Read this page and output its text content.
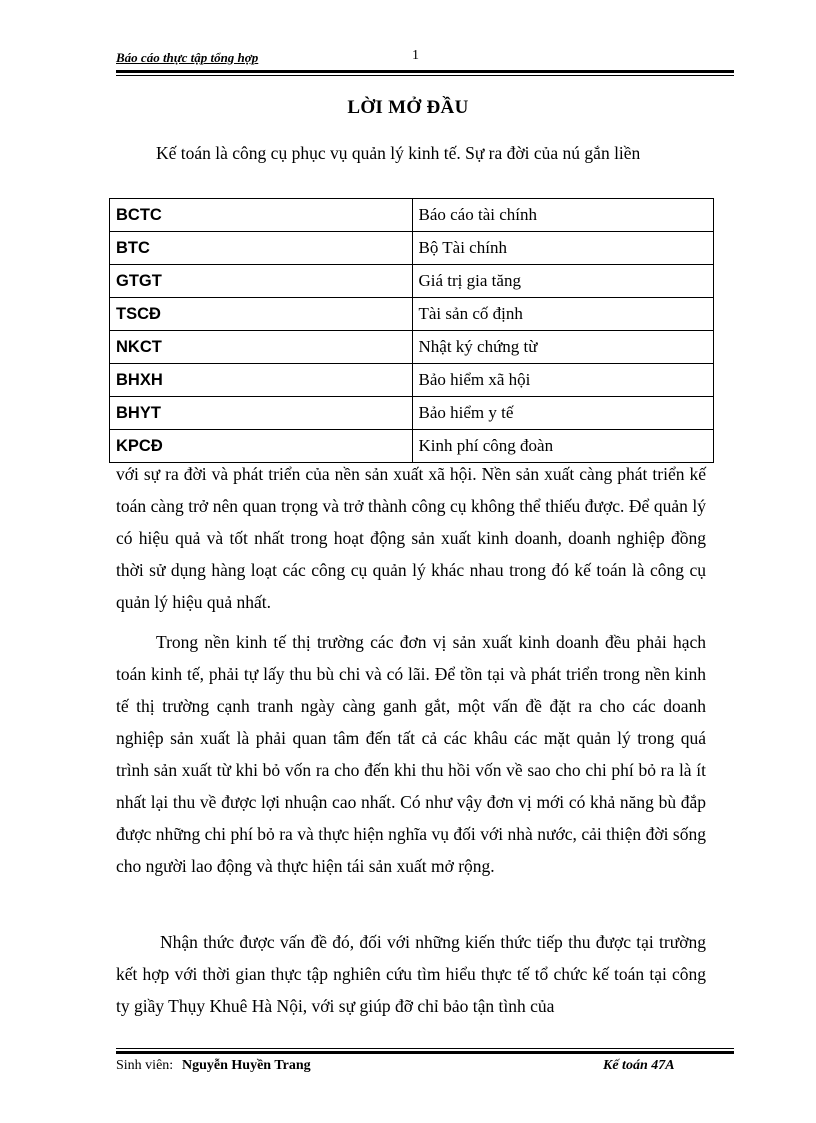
Báo cáo thực tập tổng hợp	1
LỜI MỞ ĐẦU
Kế toán là công cụ phục vụ quản lý kinh tế. Sự ra đời của nú gắn liền
BCTC	Báo cáo tài chính
BTC	Bộ Tài chính
GTGT	Giá trị gia tăng
TSCĐ	Tài sản cố định
NKCT	Nhật ký chứng từ
BHXH	Bảo hiểm xã hội
BHYT	Bảo hiểm y tế
KPCĐ	Kinh phí công đoàn
với sự ra đời và phát triển của nền sản xuất xã hội. Nền sản xuất càng phát triển kế toán càng trở nên quan trọng và trở thành công cụ không thể thiếu được. Để quản lý có hiệu quả và tốt nhất trong hoạt động sản xuất kinh doanh, doanh nghiệp đồng thời sử dụng hàng loạt các công cụ quản lý khác nhau trong đó kế toán là công cụ quản lý hiệu quả nhất.
Trong nền kinh tế thị trường các đơn vị sản xuất kinh doanh đều phải hạch toán kinh tế, phải tự lấy thu bù chi và có lãi. Để tồn tại và phát triển trong nền kinh tế thị trường cạnh tranh ngày càng ganh gắt, một vấn đề đặt ra cho các doanh nghiệp sản xuất là phải quan tâm đến tất cả các khâu các mặt quản lý trong quá trình sản xuất từ khi bỏ vốn ra cho đến khi thu hồi vốn về sao cho chi phí bỏ ra là ít nhất lại thu về được lợi nhuận cao nhất. Có như vậy đơn vị mới có khả năng bù đắp được những chi phí bỏ ra và thực hiện nghĩa vụ đối với nhà nước, cải thiện đời sống cho người lao động và thực hiện tái sản xuất mở rộng.
Nhận thức được vấn đề đó, đối với những kiến thức tiếp thu được tại trường kết hợp với thời gian thực tập nghiên cứu tìm hiểu thực tế tổ chức kế toán tại công ty giầy Thụy Khuê Hà Nội, với sự giúp đỡ chỉ bảo tận tình của
Sinh viên: Nguyễn Huyền Trang	Kế toán 47A
